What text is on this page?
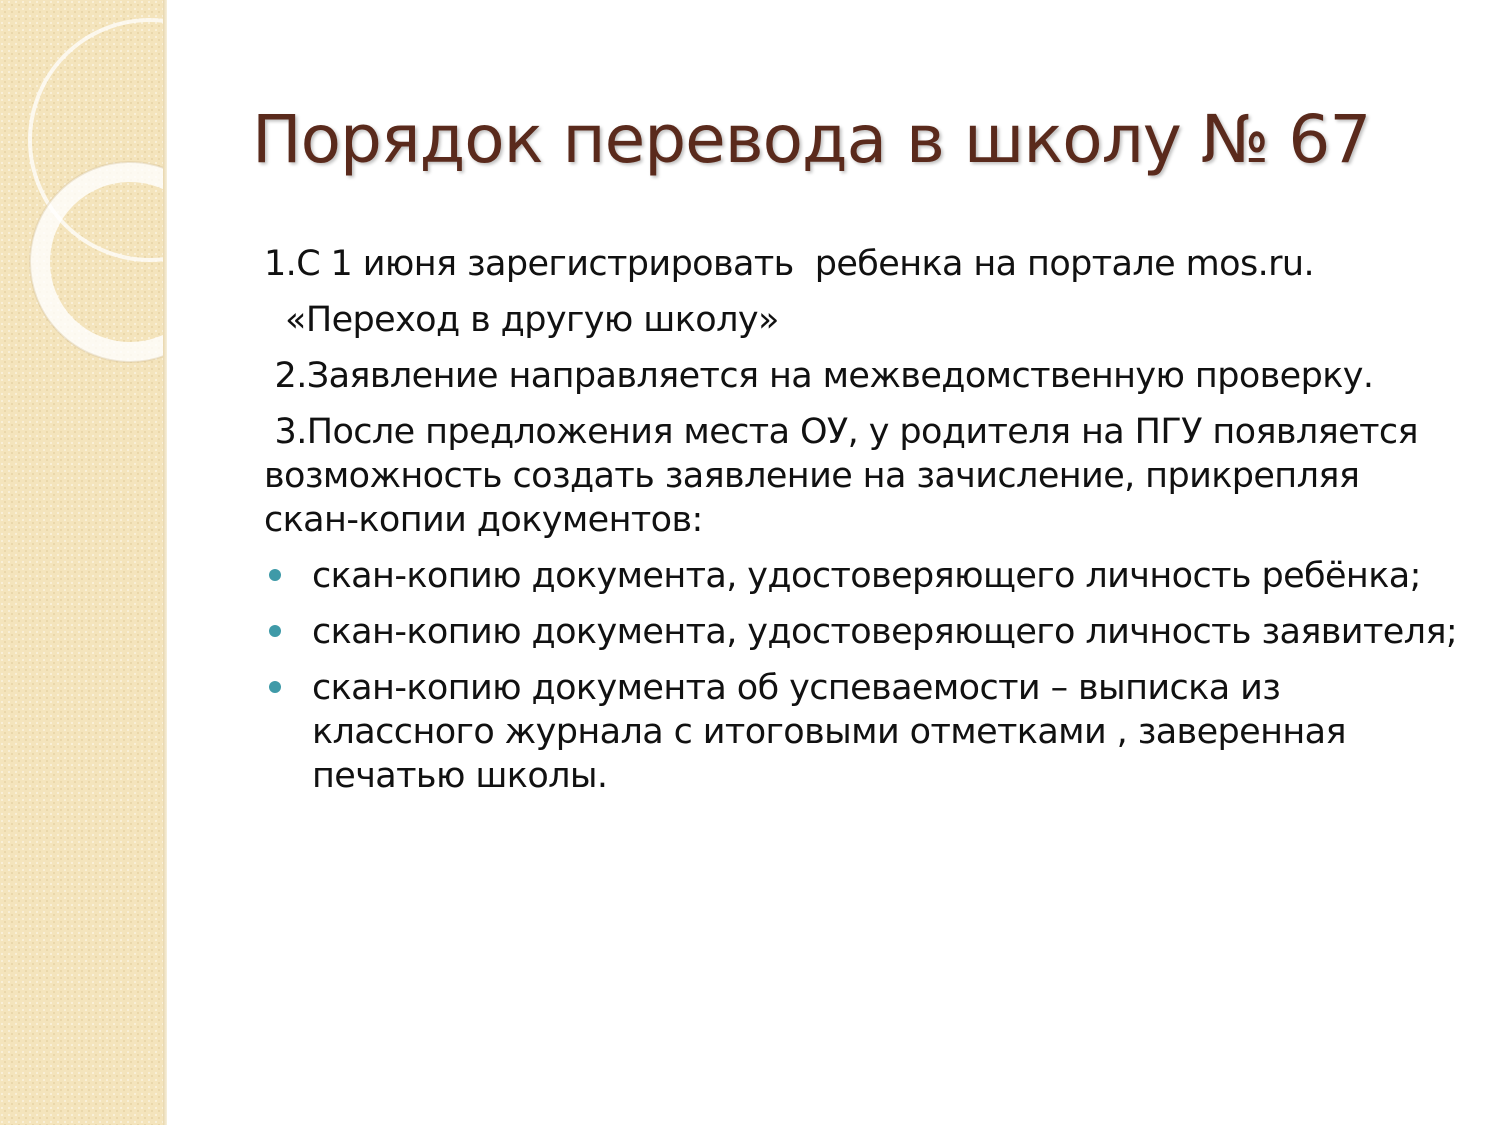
Порядок перевода в школу № 67

1.С 1 июня зарегистрировать  ребенка на портале mos.ru.

«Переход в другую школу»

2.Заявление направляется на межведомственную проверку.

3.После предложения места ОУ, у родителя на ПГУ появляется возможность создать заявление на зачисление, прикрепляя скан-копии документов:

скан-копию документа, удостоверяющего личность ребёнка;
скан-копию документа, удостоверяющего личность заявителя;
скан-копию документа об успеваемости – выписка из классного журнала с итоговыми отметками , заверенная печатью школы.
